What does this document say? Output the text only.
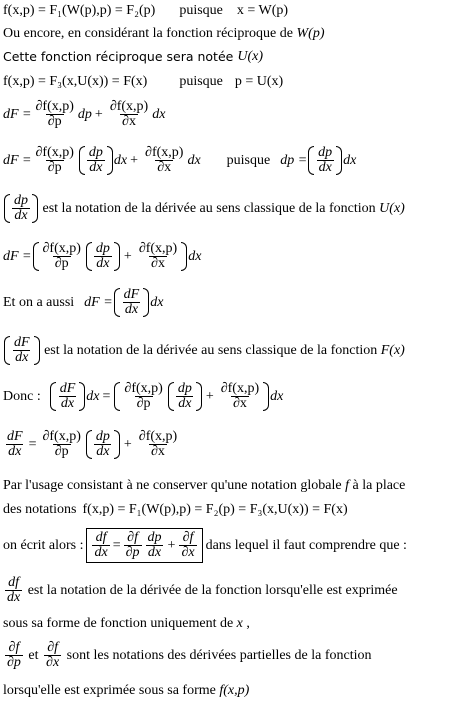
f(x,p) = F₁(W(p),p) = F₂(p) puisque x = W(p)
Ou encore, en considérant la fonction réciproque de W(p)
Cette fonction réciproque sera notée U(x)
f(x,p) = F₃(x,U(x)) = F(x) puisque p = U(x)
dF = $\frac{\partial f(x,p)}{\partial p}$ dp + $\frac{\partial f(x,p)}{\partial x}$ dx
dF = $\frac{\partial f(x,p)}{\partial p} \frac{dp}{dx}$ dx + $\frac{\partial f(x,p)}{\partial x}$ dx puisque dp = $\frac{dp}{dx}$ dx
$\frac{dp}{dx}$ est la notation de la dérivée au sens classique de la fonction U(x)
dF = $\frac{\partial f(x,p)}{\partial p} \frac{dp}{dx} + \frac{\partial f(x,p)}{\partial x}$ dx
Et on a aussi dF = $\frac{dF}{dx}$ dx
$\frac{dF}{dx}$ est la notation de la dérivée au sens classique de la fonction F(x)
Donc : $\frac{dF}{dx}$ dx = $\frac{\partial f(x,p)}{\partial p} \frac{dp}{dx} + \frac{\partial f(x,p)}{\partial x}$ dx
$\frac{dF}{dx} = \frac{\partial f(x,p)}{\partial p} \frac{dp}{dx} + \frac{\partial f(x,p)}{\partial x}$
Par l'usage consistant à ne conserver qu'une notation globale f à la place
des notations f(x,p) = F₁(W(p),p) = F₂(p) = F₃(x,U(x)) = F(x)
on écrit alors : $\frac{df}{dx} = \frac{\partial f}{\partial p} \frac{dp}{dx} + \frac{\partial f}{\partial x}$ dans lequel il faut comprendre que :
$\frac{df}{dx}$ est la notation de la dérivée de la fonction lorsqu'elle est exprimée
sous sa forme de fonction uniquement de x ,
$\frac{\partial f}{\partial p}$ et $\frac{\partial f}{\partial x}$ sont les notations des dérivées partielles de la fonction
lorsqu'elle est exprimée sous sa forme f(x,p)
